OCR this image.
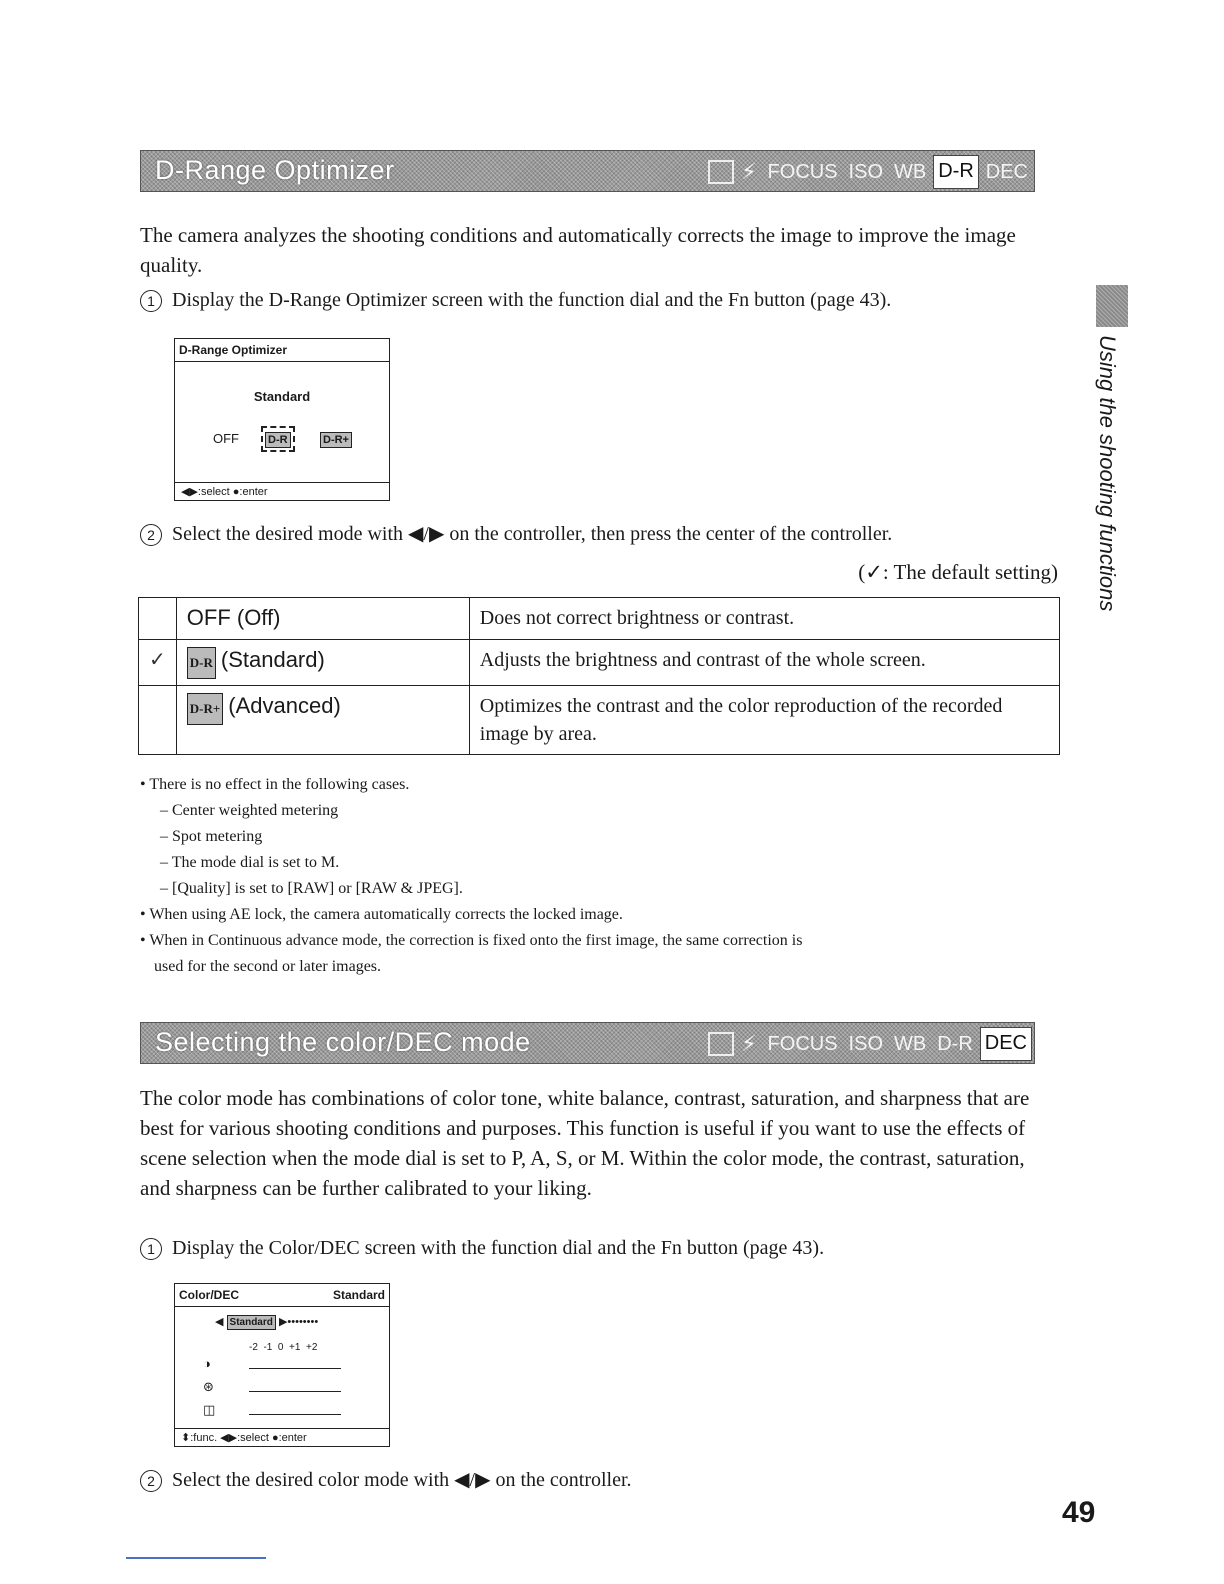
D-Range Optimizer	⚡ FOCUS ISO WB D-R DEC

The camera analyzes the shooting conditions and automatically corrects the image to improve the image quality.

1 Display the D-Range Optimizer screen with the function dial and the Fn button (page 43).
D-Range Optimizer
Standard
OFF	D-R	D-R+
◀▶:select ●:enter
2 Select the desired mode with ◀/▶ on the controller, then press the center of the controller.
(✓: The default setting)
	OFF (Off)	Does not correct brightness or contrast.
✓	D-R (Standard)	Adjusts the brightness and contrast of the whole screen.
	D-R+ (Advanced)	Optimizes the contrast and the color reproduction of the recorded image by area.
• There is no effect in the following cases.
– Center weighted metering
– Spot metering
– The mode dial is set to M.
– [Quality] is set to [RAW] or [RAW & JPEG].
• When using AE lock, the camera automatically corrects the locked image.
• When in Continuous advance mode, the correction is fixed onto the first image, the same correction is
used for the second or later images.
Selecting the color/DEC mode	⚡ FOCUS ISO WB D-R DEC

The color mode has combinations of color tone, white balance, contrast, saturation, and sharpness that are best for various shooting conditions and purposes. This function is useful if you want to use the effects of scene selection when the mode dial is set to P, A, S, or M. Within the color mode, the contrast, saturation, and sharpness can be further calibrated to your liking.

1 Display the Color/DEC screen with the function dial and the Fn button (page 43).
Color/DEC	Standard
◀ Standard ▶••••••••
-2  -1  0  +1  +2
◑
⊛
◫
⬍:func. ◀▶:select ●:enter
2 Select the desired color mode with ◀/▶ on the controller.
Using the shooting functions
49
